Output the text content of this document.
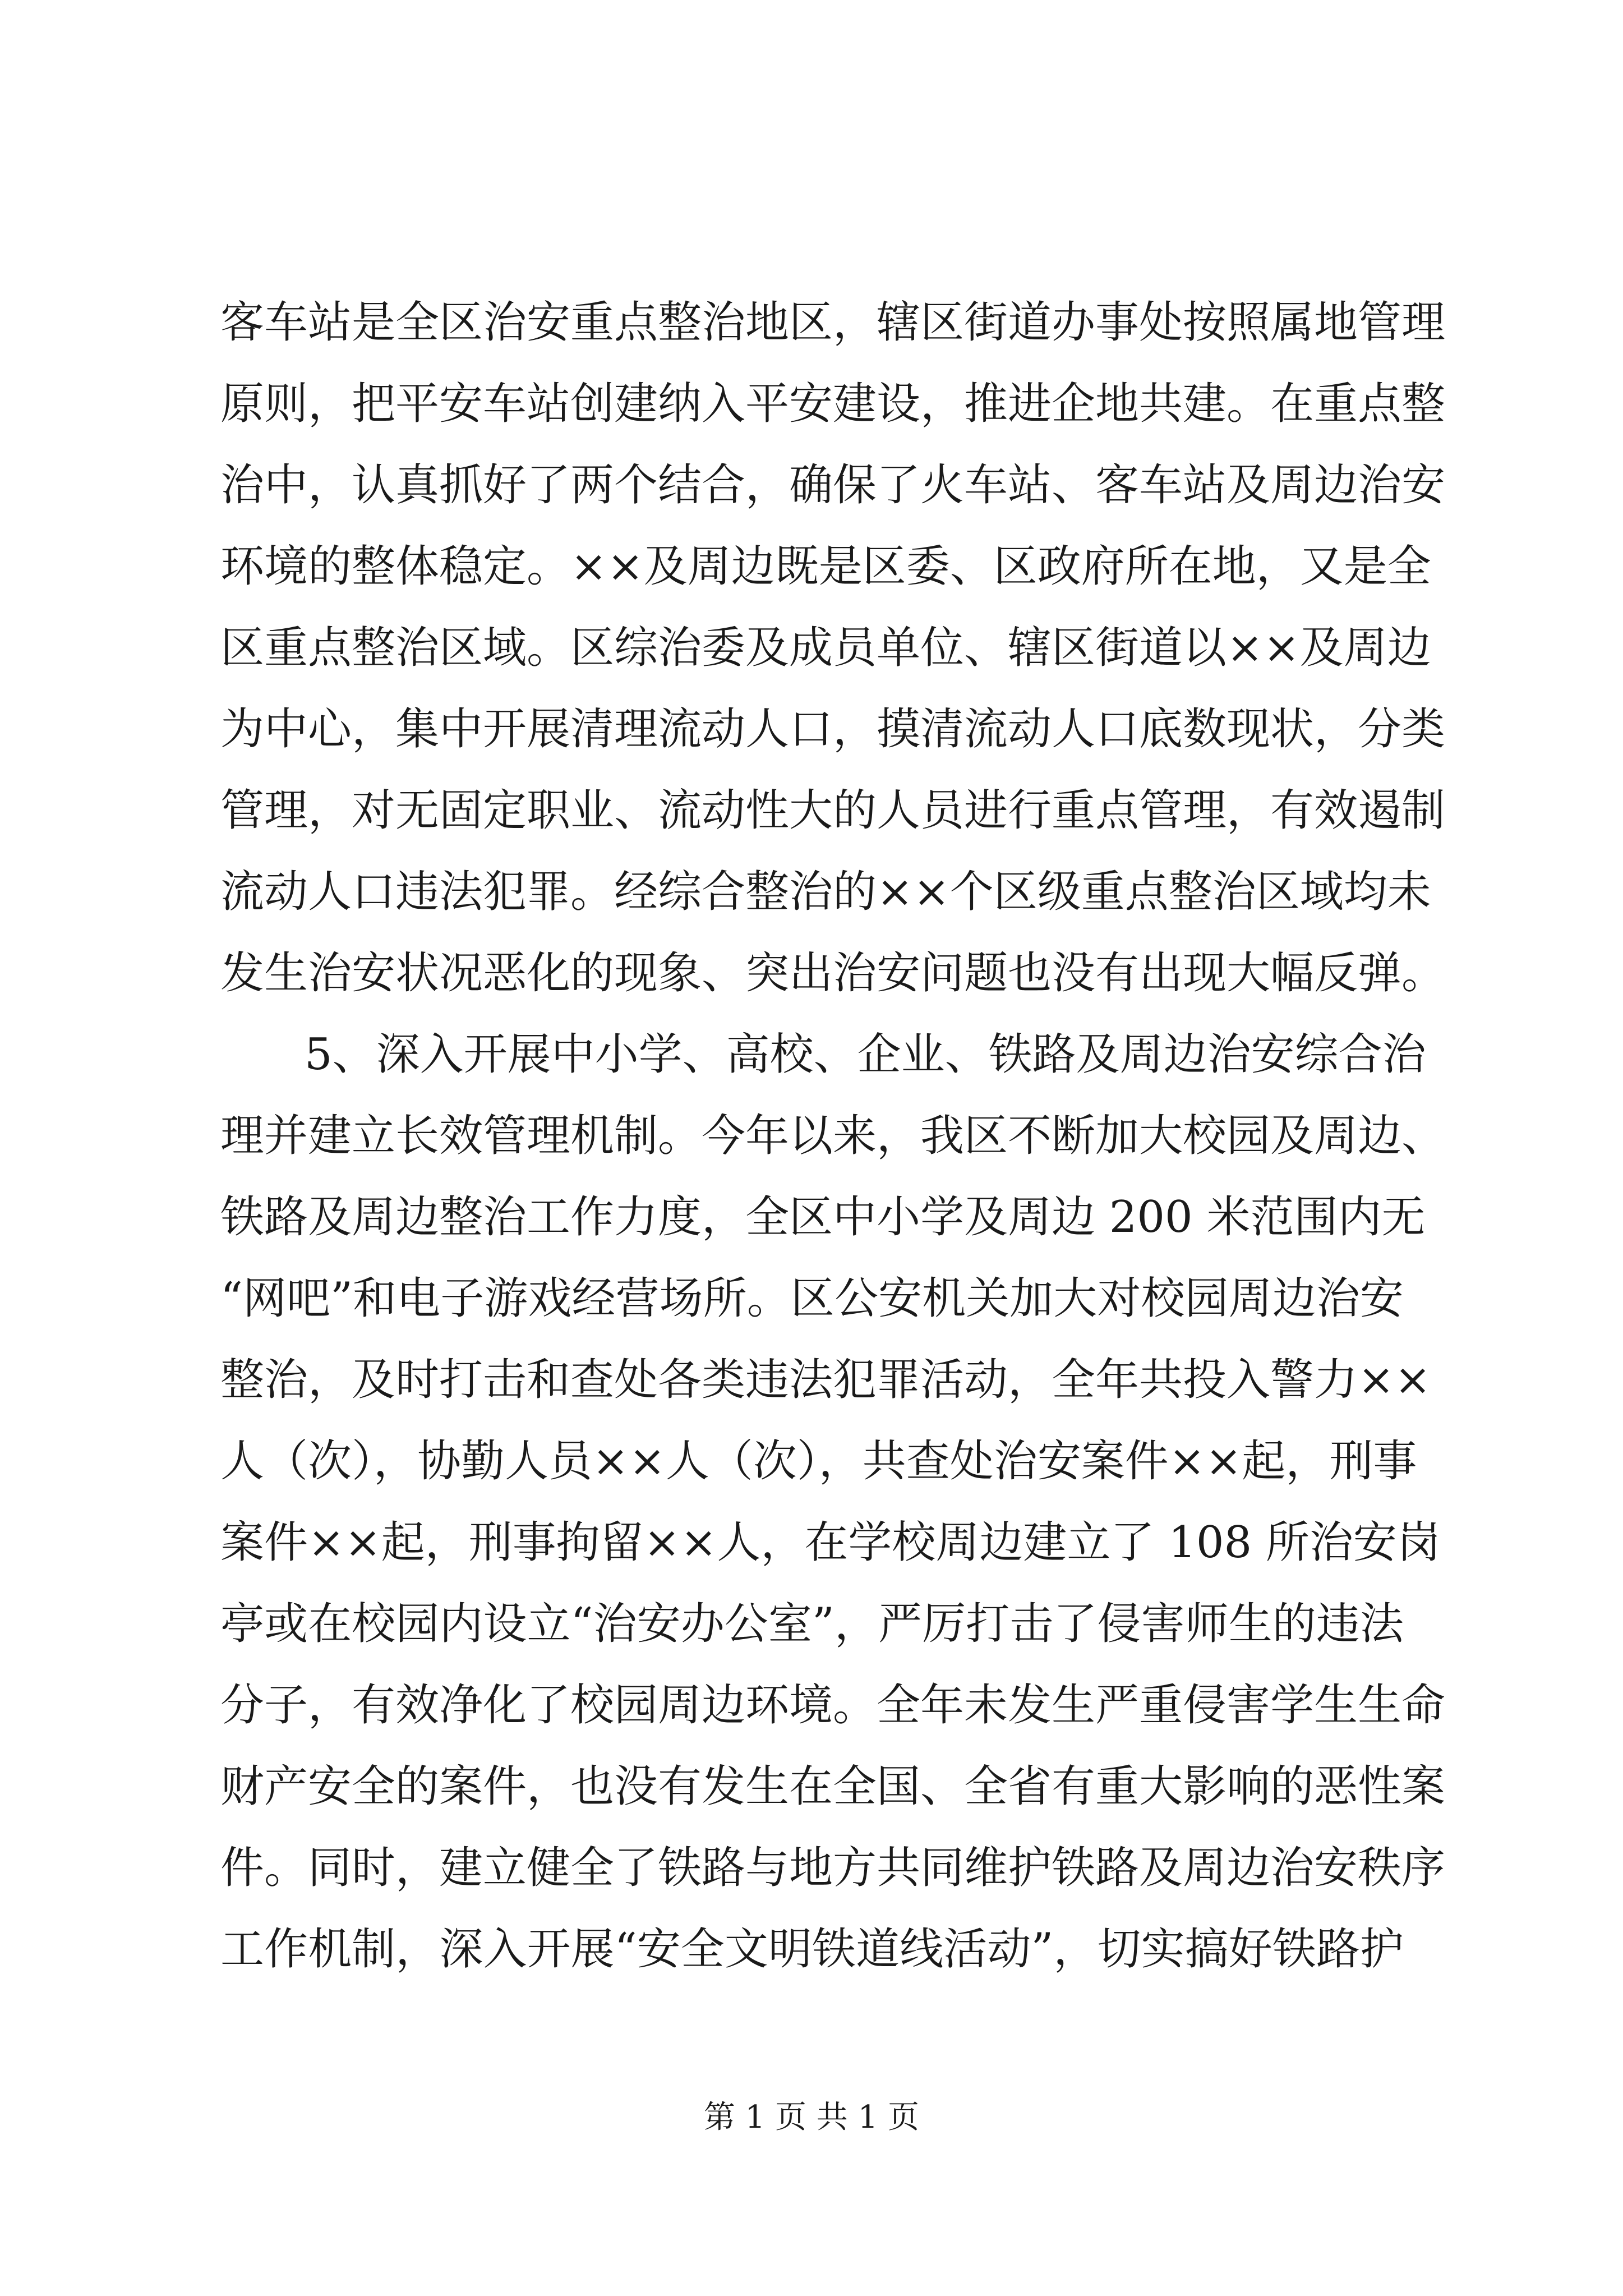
客车站是全区治安重点整治地区，辖区街道办事处按照属地管理
原则，把平安车站创建纳入平安建设，推进企地共建。在重点整
治中，认真抓好了两个结合，确保了火车站、客车站及周边治安
环境的整体稳定。××及周边既是区委、区政府所在地，又是全
区重点整治区域。区综治委及成员单位、辖区街道以××及周边
为中心，集中开展清理流动人口，摸清流动人口底数现状，分类
管理，对无固定职业、流动性大的人员进行重点管理，有效遏制
流动人口违法犯罪。经综合整治的××个区级重点整治区域均未
发生治安状况恶化的现象、突出治安问题也没有出现大幅反弹。
5、深入开展中小学、高校、企业、铁路及周边治安综合治
理并建立长效管理机制。今年以来，我区不断加大校园及周边、
铁路及周边整治工作力度，全区中小学及周边 200 米范围内无
“网吧”和电子游戏经营场所。区公安机关加大对校园周边治安
整治，及时打击和查处各类违法犯罪活动，全年共投入警力××
人（次），协勤人员××人（次），共查处治安案件××起，刑事
案件××起，刑事拘留××人，在学校周边建立了 108 所治安岗
亭或在校园内设立“治安办公室”，严厉打击了侵害师生的违法
分子，有效净化了校园周边环境。全年未发生严重侵害学生生命
财产安全的案件，也没有发生在全国、全省有重大影响的恶性案
件。同时，建立健全了铁路与地方共同维护铁路及周边治安秩序
工作机制，深入开展“安全文明铁道线活动”，切实搞好铁路护
第 1 页 共 1 页
